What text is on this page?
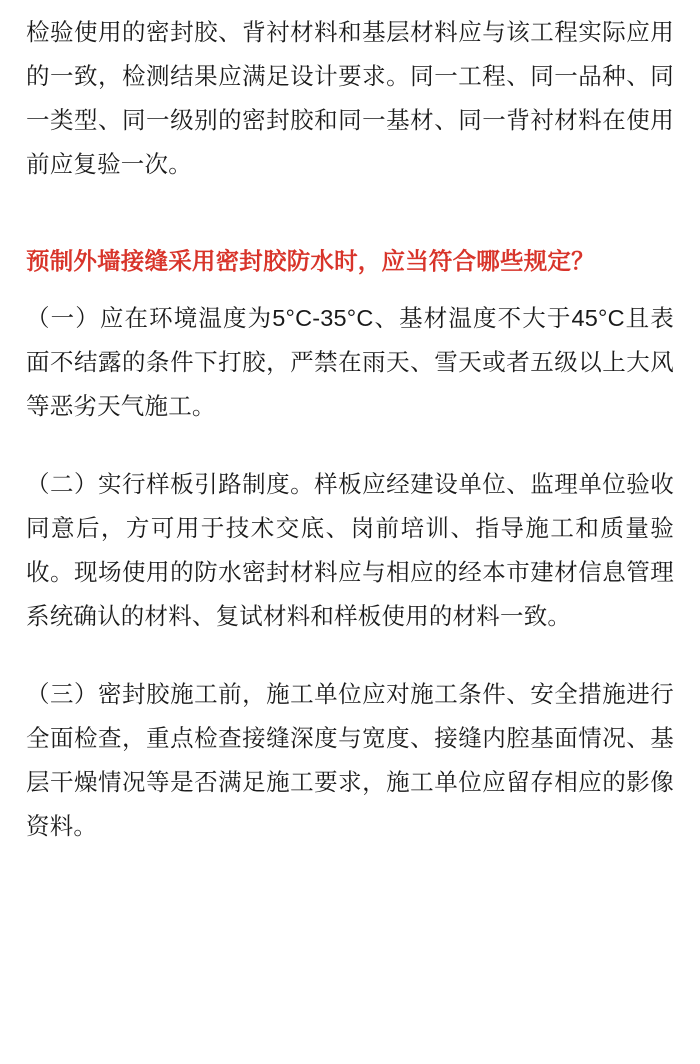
检验使用的密封胶、背衬材料和基层材料应与该工程实际应用的一致，检测结果应满足设计要求。同一工程、同一品种、同一类型、同一级别的密封胶和同一基材、同一背衬材料在使用前应复验一次。

预制外墙接缝采用密封胶防水时，应当符合哪些规定？

（一）应在环境温度为5°C-35°C、基材温度不大于45°C且表面不结露的条件下打胶，严禁在雨天、雪天或者五级以上大风等恶劣天气施工。

（二）实行样板引路制度。样板应经建设单位、监理单位验收同意后，方可用于技术交底、岗前培训、指导施工和质量验收。现场使用的防水密封材料应与相应的经本市建材信息管理系统确认的材料、复试材料和样板使用的材料一致。

（三）密封胶施工前，施工单位应对施工条件、安全措施进行全面检查，重点检查接缝深度与宽度、接缝内腔基面情况、基层干燥情况等是否满足施工要求，施工单位应留存相应的影像资料。
